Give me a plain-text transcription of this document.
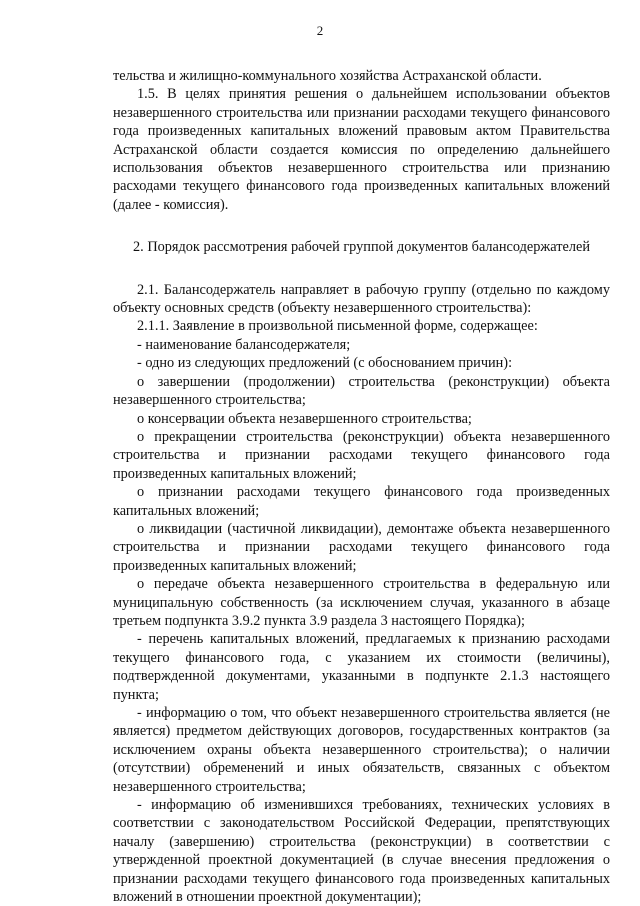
2

тельства и жилищно-коммунального хозяйства Астраханской области.

1.5. В целях принятия решения о дальнейшем использовании объектов незавершенного строительства или признании расходами текущего финансового года произведенных капитальных вложений правовым актом Правительства Астраханской области создается комиссия по определению дальнейшего использования объектов незавершенного строительства или признанию расходами текущего финансового года произведенных капитальных вложений (далее - комиссия).

2. Порядок рассмотрения рабочей группой документов балансодержателей

2.1. Балансодержатель направляет в рабочую группу (отдельно по каждому объекту основных средств (объекту незавершенного строительства):

2.1.1. Заявление в произвольной письменной форме, содержащее:

- наименование балансодержателя;

- одно из следующих предложений (с обоснованием причин):

о завершении (продолжении) строительства (реконструкции) объекта незавершенного строительства;

о консервации объекта незавершенного строительства;

о прекращении строительства (реконструкции) объекта незавершенного строительства и признании расходами текущего финансового года произведенных капитальных вложений;

о признании расходами текущего финансового года произведенных капитальных вложений;

о ликвидации (частичной ликвидации), демонтаже объекта незавершенного строительства и признании расходами текущего финансового года произведенных капитальных вложений;

о передаче объекта незавершенного строительства в федеральную или муниципальную собственность (за исключением случая, указанного в абзаце третьем подпункта 3.9.2 пункта 3.9 раздела 3 настоящего Порядка);

- перечень капитальных вложений, предлагаемых к признанию расходами текущего финансового года, с указанием их стоимости (величины), подтвержденной документами, указанными в подпункте 2.1.3 настоящего пункта;

- информацию о том, что объект незавершенного строительства является (не является) предметом действующих договоров, государственных контрактов (за исключением охраны объекта незавершенного строительства); о наличии (отсутствии) обременений и иных обязательств, связанных с объектом незавершенного строительства;

- информацию об изменившихся требованиях, технических условиях в соответствии с законодательством Российской Федерации, препятствующих началу (завершению) строительства (реконструкции) в соответствии с утвержденной проектной документацией (в случае внесения предложения о признании расходами текущего финансового года произведенных капитальных вложений в отношении проектной документации);
